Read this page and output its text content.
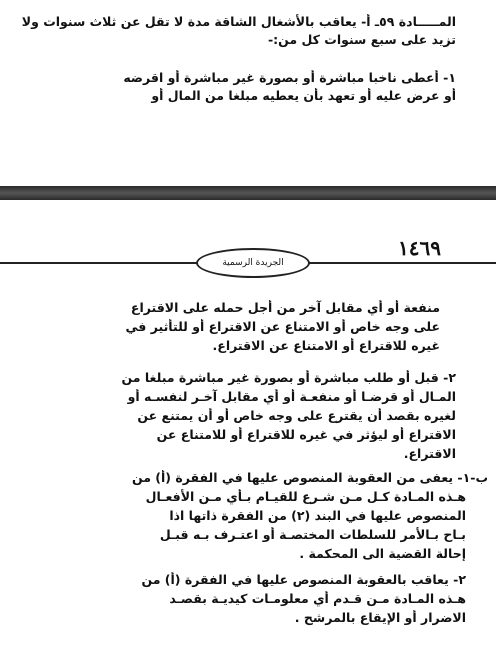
المـــــادة ٥٩ـ أ- يعاقب بالأشغال الشاقة مدة لا تقل عن ثلاث سنوات ولا
تزيد على سبع سنوات كل من:-
١- أعطى ناخبا مباشرة أو بصورة غير مباشرة أو اقرضه
أو عرض عليه أو تعهد بأن يعطيه مبلغا من المال أو
١٤٦٩
الجريدة الرسمية
منفعة أو أي مقابل آخر من أجل حمله على الاقتراع
على وجه خاص أو الامتناع عن الاقتراع أو للتأثير في
غيره للاقتراع أو الامتناع عن الاقتراع.
٢- قبل أو طلب مباشرة أو بصورة غير مباشرة مبلغا من
المـال أو قرضـا أو منفعـة أو أي مقابل آخـر لنفسـه أو
لغيره بقصد أن يقترع على وجه خاص أو أن يمتنع عن
الاقتراع أو ليؤثر في غيره للاقتراع أو للامتناع عن
الاقتراع.
ب-١- يعفى من العقوبة المنصوص عليها في الفقرة (أ) من
هـذه المـادة كـل مـن شـرع للقيـام بـأي مـن الأفعـال
المنصوص عليها في البند (٢) من الفقرة ذاتها اذا
بـاح بـالأمر للسلطات المختصـة أو اعتـرف بـه قبـل
إحالة القضية الى المحكمة .
٢- يعاقب بالعقوبة المنصوص عليها في الفقرة (أ) من
هـذه المـادة مـن قـدم أي معلومـات كيديـة بقصـد
الاضرار أو الإيقاع بالمرشح .
